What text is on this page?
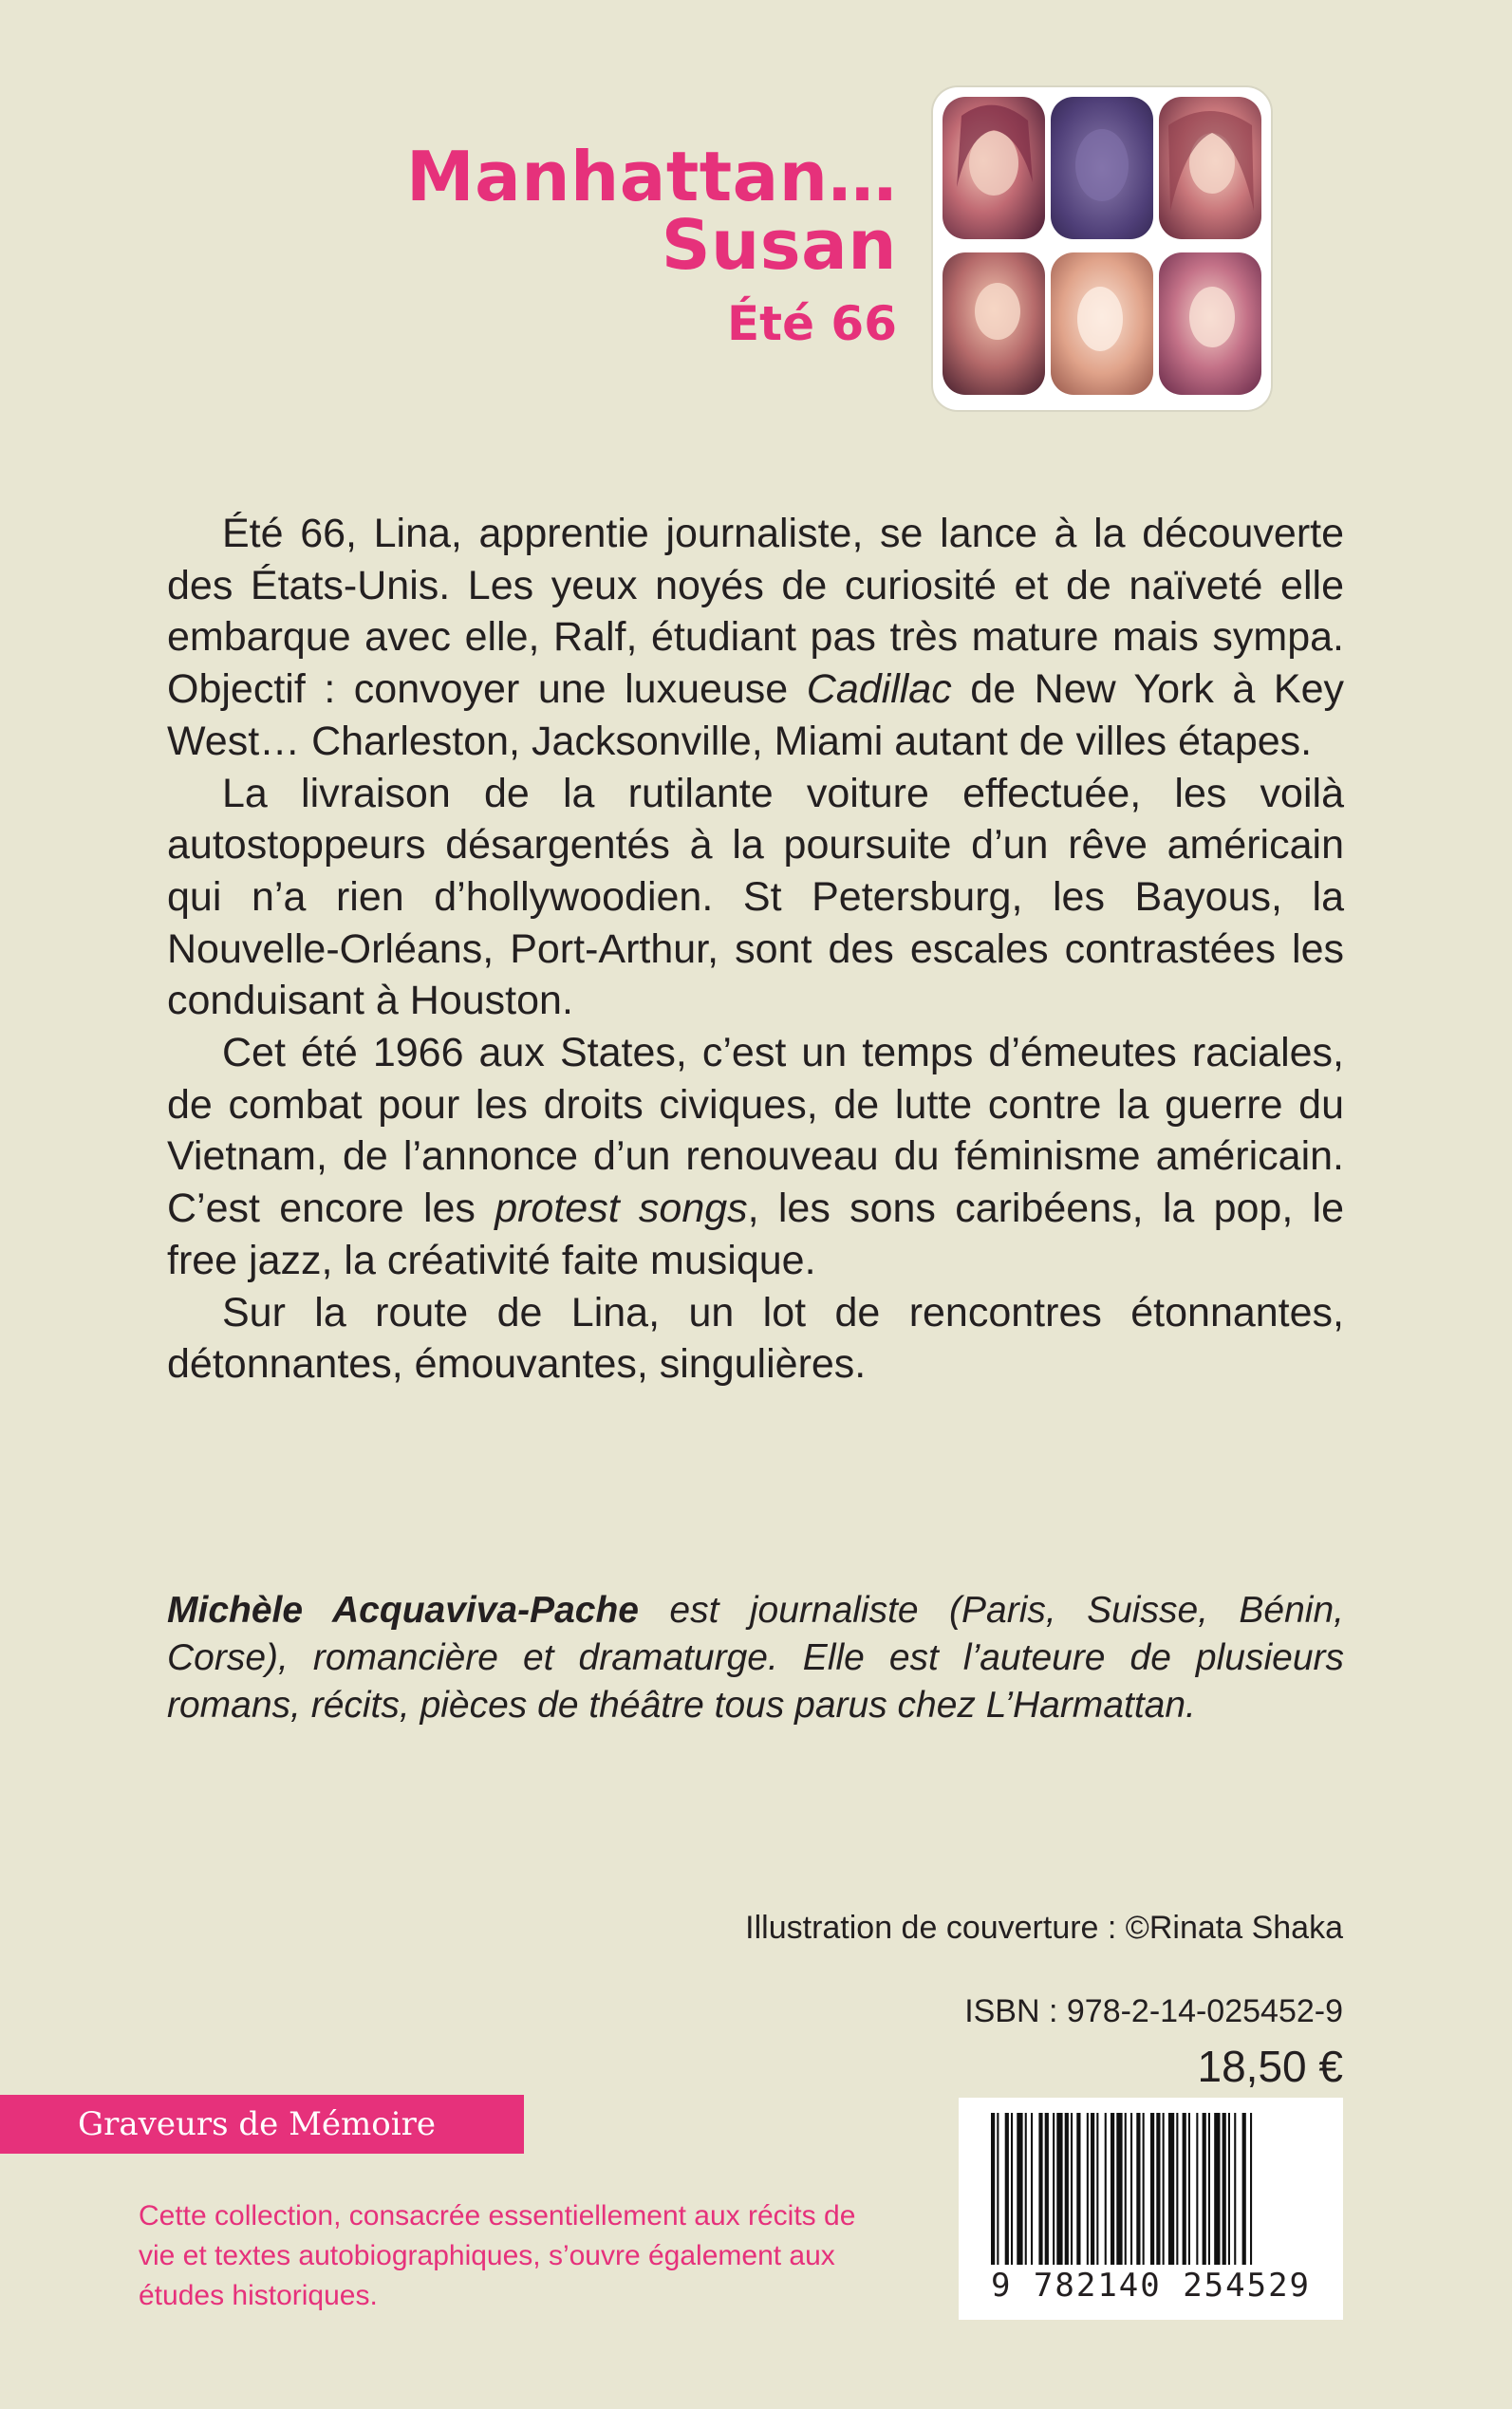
Manhattan… Susan
Été 66

Été 66, Lina, apprentie journaliste, se lance à la découverte des États-Unis. Les yeux noyés de curiosité et de naïveté elle embarque avec elle, Ralf, étudiant pas très mature mais sympa. Objectif : convoyer une luxueuse Cadillac de New York à Key West… Charleston, Jacksonville, Miami autant de villes étapes.

La livraison de la rutilante voiture effectuée, les voilà autostoppeurs désargentés à la poursuite d’un rêve américain qui n’a rien d’hollywoodien. St Petersburg, les Bayous, la Nouvelle-Orléans, Port-Arthur, sont des escales contrastées les conduisant à Houston.

Cet été 1966 aux States, c’est un temps d’émeutes raciales, de combat pour les droits civiques, de lutte contre la guerre du Vietnam, de l’annonce d’un renouveau du féminisme américain. C’est encore les protest songs, les sons caribéens, la pop, le free jazz, la créativité faite musique.

Sur la route de Lina, un lot de rencontres étonnantes, détonnantes, émouvantes, singulières.

Michèle Acquaviva-Pache est journaliste (Paris, Suisse, Bénin, Corse), romancière et dramaturge. Elle est l’auteure de plusieurs romans, récits, pièces de théâtre tous parus chez L’Harmattan.
Illustration de couverture : ©Rinata Shaka
ISBN : 978-2-14-025452-9
18,50 €
Graveurs de Mémoire
Cette collection, consacrée essentiellement aux récits de vie et textes autobiographiques, s’ouvre également aux études historiques.	9 782140 254529
